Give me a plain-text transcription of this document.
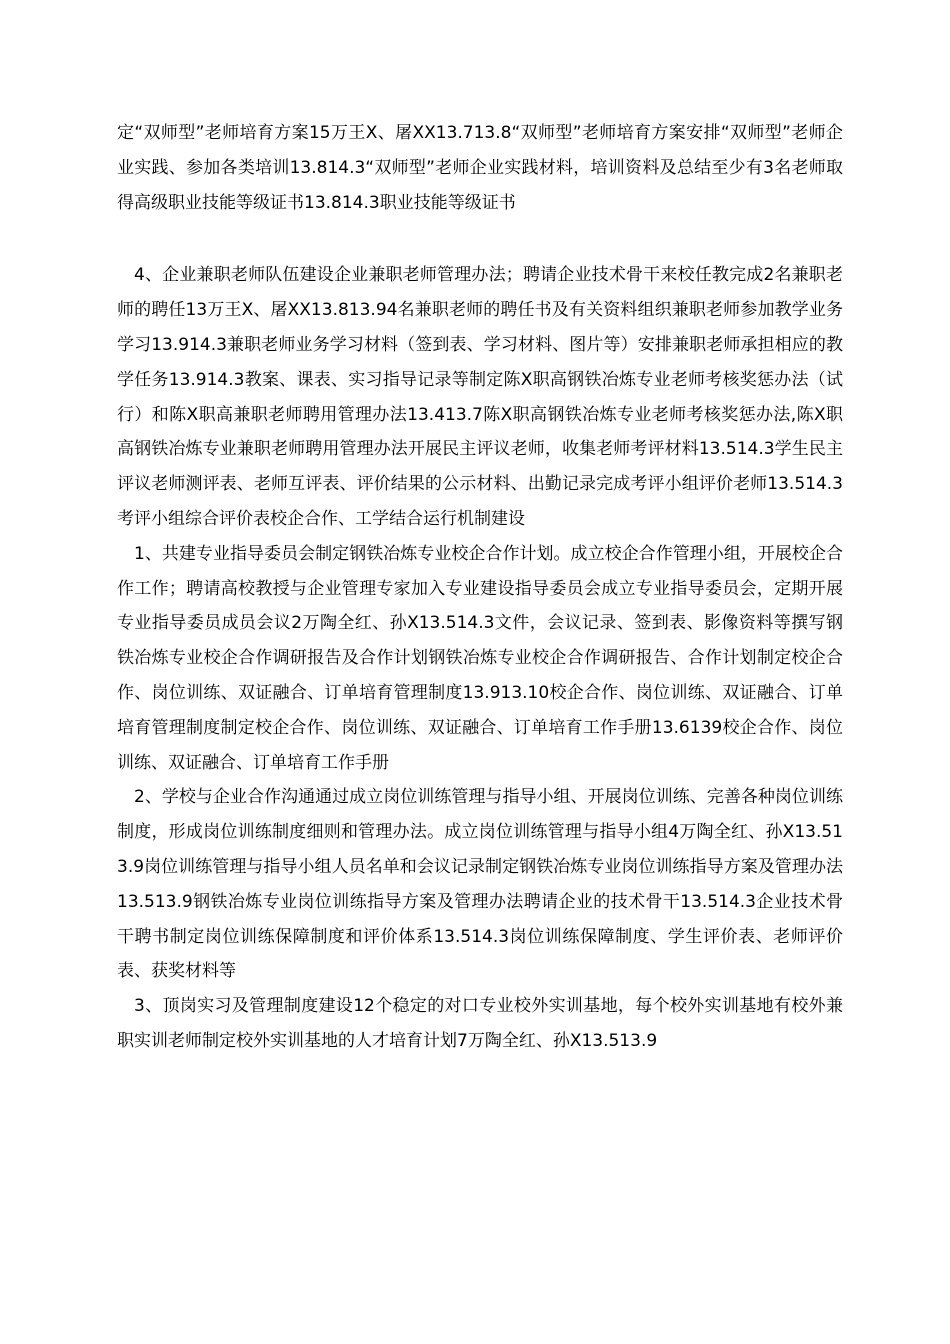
定“双师型”老师培育方案15万王X、屠XX13.713.8“双师型”老师培育方案安排“双师型”老师企业实践、参加各类培训13.814.3“双师型”老师企业实践材料，培训资料及总结至少有3名老师取得高级职业技能等级证书13.814.3职业技能等级证书

4、企业兼职老师队伍建设企业兼职老师管理办法；聘请企业技术骨干来校任教完成2名兼职老师的聘任13万王X、屠XX13.813.94名兼职老师的聘任书及有关资料组织兼职老师参加教学业务学习13.914.3兼职老师业务学习材料（签到表、学习材料、图片等）安排兼职老师承担相应的教学任务13.914.3教案、课表、实习指导记录等制定陈X职高钢铁冶炼专业老师考核奖惩办法（试行）和陈X职高兼职老师聘用管理办法13.413.7陈X职高钢铁冶炼专业老师考核奖惩办法,陈X职高钢铁冶炼专业兼职老师聘用管理办法开展民主评议老师，收集老师考评材料13.514.3学生民主评议老师测评表、老师互评表、评价结果的公示材料、出勤记录完成考评小组评价老师13.514.3考评小组综合评价表校企合作、工学结合运行机制建设

1、共建专业指导委员会制定钢铁冶炼专业校企合作计划。成立校企合作管理小组，开展校企合作工作；聘请高校教授与企业管理专家加入专业建设指导委员会成立专业指导委员会，定期开展专业指导委员成员会议2万陶全红、孙X13.514.3文件，会议记录、签到表、影像资料等撰写钢铁冶炼专业校企合作调研报告及合作计划钢铁冶炼专业校企合作调研报告、合作计划制定校企合作、岗位训练、双证融合、订单培育管理制度13.913.10校企合作、岗位训练、双证融合、订单培育管理制度制定校企合作、岗位训练、双证融合、订单培育工作手册13.6139校企合作、岗位训练、双证融合、订单培育工作手册

2、学校与企业合作沟通通过成立岗位训练管理与指导小组、开展岗位训练、完善各种岗位训练制度，形成岗位训练制度细则和管理办法。成立岗位训练管理与指导小组4万陶全红、孙X13.513.9岗位训练管理与指导小组人员名单和会议记录制定钢铁冶炼专业岗位训练指导方案及管理办法13.513.9钢铁冶炼专业岗位训练指导方案及管理办法聘请企业的技术骨干13.514.3企业技术骨干聘书制定岗位训练保障制度和评价体系13.514.3岗位训练保障制度、学生评价表、老师评价表、获奖材料等

3、顶岗实习及管理制度建设12个稳定的对口专业校外实训基地，每个校外实训基地有校外兼职实训老师制定校外实训基地的人才培育计划7万陶全红、孙X13.513.9
